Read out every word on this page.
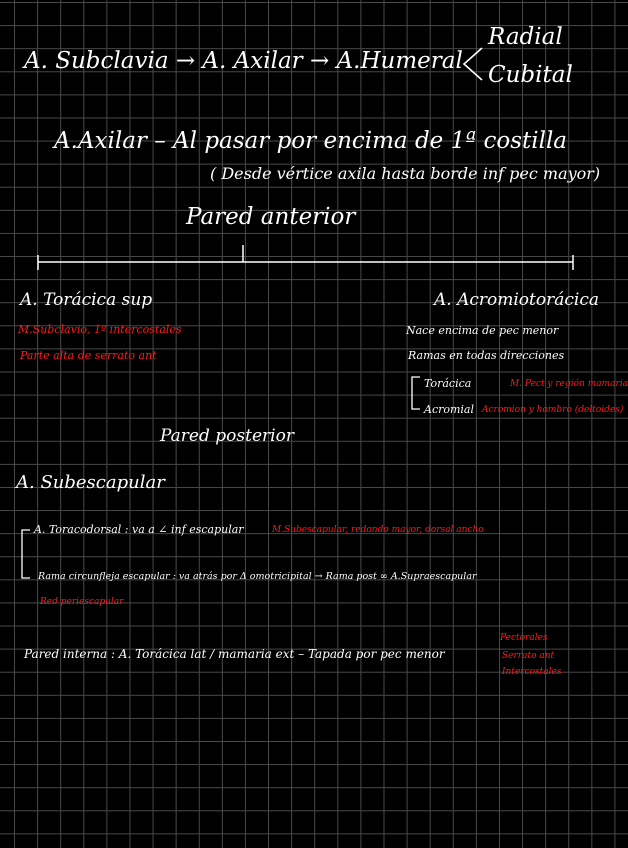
A. Subclavia → A. Axilar → A.Humeral
Radial
Cubital
A.Axilar – Al pasar por encima de 1ª costilla
( Desde vértice axila hasta borde inf pec mayor)
Pared anterior
A. Torácica sup
M.Subclavio, 1º intercostales
Parte alta de serrato ant
A. Acromiotorácica
Nace encima de pec menor
Ramas en todas direcciones
Torácica	M. Pect y región mamaria
Acromial Acromion y hombro (deltoides)
Pared posterior
A. Subescapular
A. Toracodorsal : va a ∠ inf escapular	M.Subescapular, redondo mayor, dorsal ancho
Rama circunfleja escapular : va atrás por Δ omotricipital → Rama post ∞ A.Supraescapular
Red periescapular
Pared interna : A. Torácica lat / mamaria ext – Tapada por pec menor
Pectorales
Serrato ant
Intercostales
